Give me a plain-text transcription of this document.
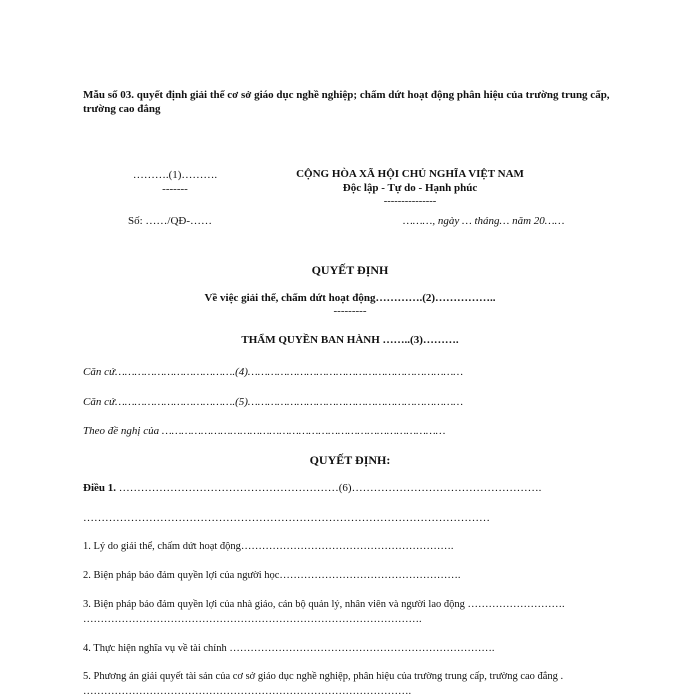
Mẫu số 03. quyết định giải thể cơ sở giáo dục nghề nghiệp; chấm dứt hoạt động phân hiệu của trường trung cấp, trường cao đẳng
……….(1)……….
-------
CỘNG HÒA XÃ HỘI CHỦ NGHĨA VIỆT NAM
Độc lập - Tự do - Hạnh phúc
---------------
Số: ……/QĐ-……	………, ngày … tháng… năm 20……
QUYẾT ĐỊNH
Về việc giải thể, chấm dứt hoạt động………….(2)……………..
---------
THẨM QUYỀN BAN HÀNH ……..(3)……….
Căn cứ……………………………….(4)…………………………………………………………
Căn cứ……………………………….(5)…………………………………………………………
Theo đề nghị của ……………………………………………………………………………
QUYẾT ĐỊNH:
Điều 1. ……………………………………………………(6)…………………………………………….
…………………………………………………………………………………………………
1. Lý do giải thể, chấm dứt hoạt động…………………………………………………….
2. Biện pháp bảo đảm quyền lợi của người học…………………………………………….
3. Biện pháp bảo đảm quyền lợi của nhà giáo, cán bộ quản lý, nhân viên và người lao động ……………………….
…………………………………………………………………………………….
4. Thực hiện nghĩa vụ về tài chính ………………………………………………………………….
5. Phương án giải quyết tài sản của cơ sở giáo dục nghề nghiệp, phân hiệu của trường trung cấp, trường cao đẳng .
………………………………………………………………………………….
